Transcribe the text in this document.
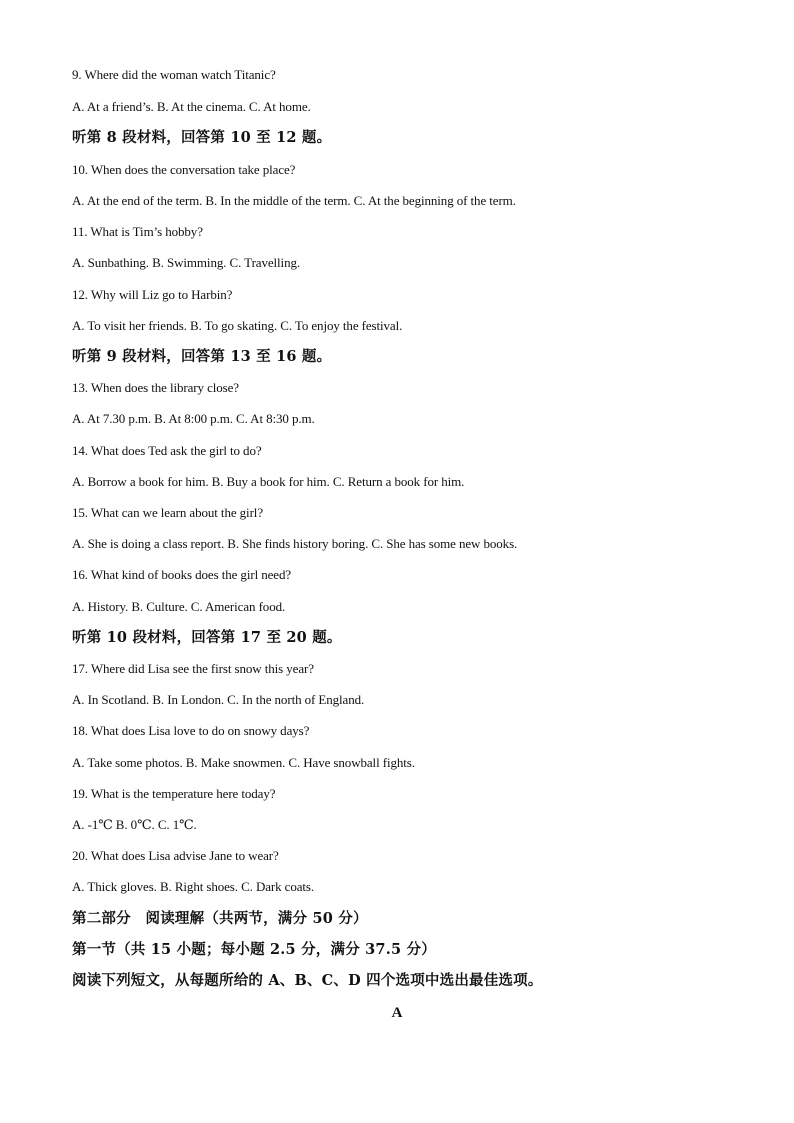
9. Where did the woman watch Titanic?
A. At a friend’s. B. At the cinema. C. At home.
听第 8 段材料，回答第 10 至 12 题。
10. When does the conversation take place?
A. At the end of the term. B. In the middle of the term. C. At the beginning of the term.
11. What is Tim’s hobby?
A. Sunbathing. B. Swimming. C. Travelling.
12. Why will Liz go to Harbin?
A. To visit her friends. B. To go skating. C. To enjoy the festival.
听第 9 段材料，回答第 13 至 16 题。
13. When does the library close?
A. At 7.30 p.m. B. At 8:00 p.m. C. At 8:30 p.m.
14. What does Ted ask the girl to do?
A. Borrow a book for him. B. Buy a book for him. C. Return a book for him.
15. What can we learn about the girl?
A. She is doing a class report. B. She finds history boring. C. She has some new books.
16. What kind of books does the girl need?
A. History. B. Culture. C. American food.
听第 10 段材料，回答第 17 至 20 题。
17. Where did Lisa see the first snow this year?
A. In Scotland. B. In London. C. In the north of England.
18. What does Lisa love to do on snowy days?
A. Take some photos. B. Make snowmen. C. Have snowball fights.
19. What is the temperature here today?
A. -1℃ B. 0℃. C. 1℃.
20. What does Lisa advise Jane to wear?
A. Thick gloves. B. Right shoes. C. Dark coats.
第二部分　阅读理解（共两节，满分 50 分）
第一节（共 15 小题；每小题 2.5 分，满分 37.5 分）
阅读下列短文，从每题所给的 A、B、C、D 四个选项中选出最佳选项。
A
